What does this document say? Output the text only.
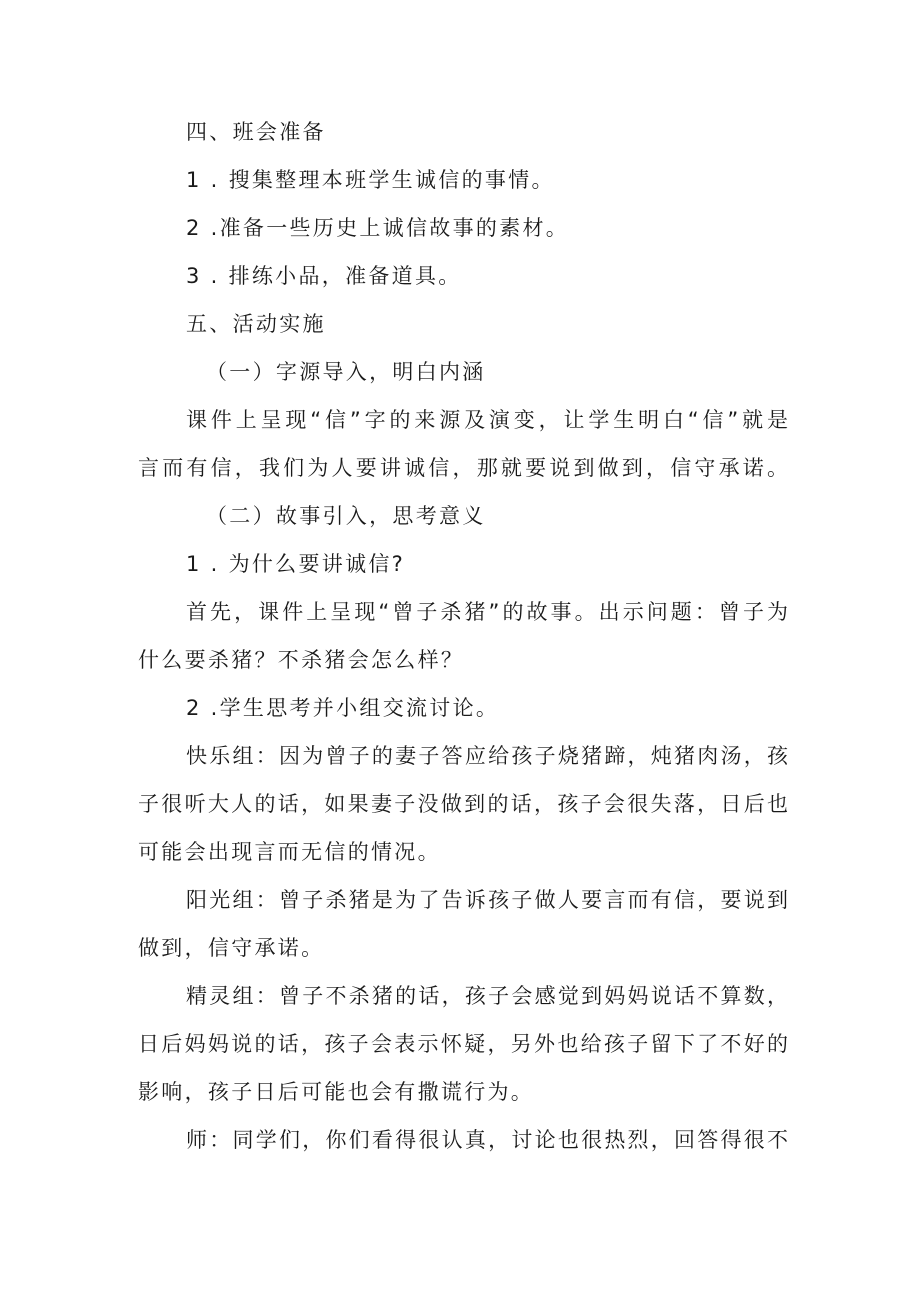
四、班会准备
1 . 搜集整理本班学生诚信的事情。
2 .准备一些历史上诚信故事的素材。
3 . 排练小品，准备道具。
五、活动实施
（一）字源导入，明白内涵
课件上呈现“信”字的来源及演变，让学生明白“信”就是
言而有信，我们为人要讲诚信，那就要说到做到，信守承诺。
（二）故事引入，思考意义
1 . 为什么要讲诚信?
首先，课件上呈现“曾子杀猪”的故事。出示问题：曾子为
什么要杀猪？不杀猪会怎么样？
2 .学生思考并小组交流讨论。
快乐组：因为曾子的妻子答应给孩子烧猪蹄，炖猪肉汤，孩
子很听大人的话，如果妻子没做到的话，孩子会很失落，日后也
可能会出现言而无信的情况。
阳光组：曾子杀猪是为了告诉孩子做人要言而有信，要说到
做到，信守承诺。
精灵组：曾子不杀猪的话，孩子会感觉到妈妈说话不算数，
日后妈妈说的话，孩子会表示怀疑，另外也给孩子留下了不好的
影响，孩子日后可能也会有撒谎行为。
师：同学们，你们看得很认真，讨论也很热烈，回答得很不
